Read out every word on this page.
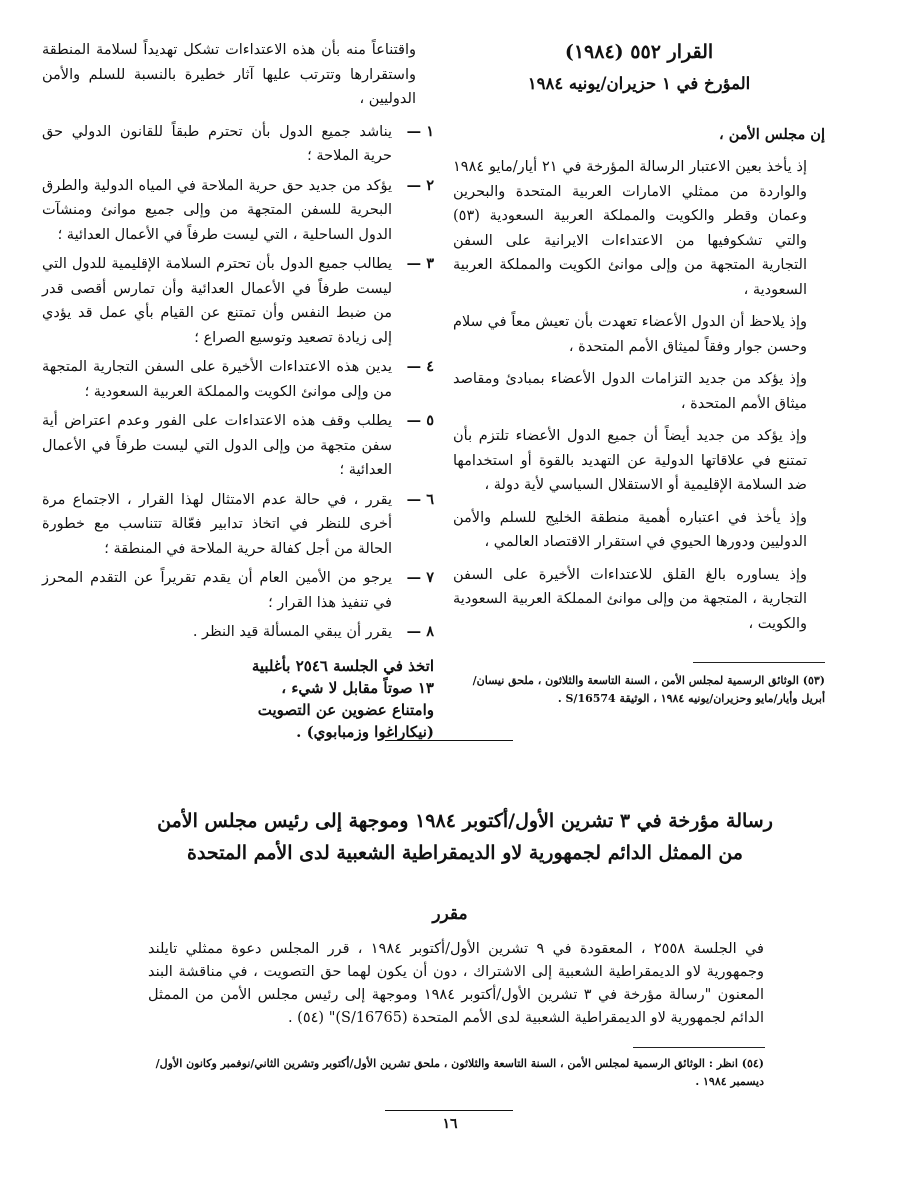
القرار ٥٥٢ (١٩٨٤)
المؤرخ في ١ حزيران/يونيه ١٩٨٤

إن مجلس الأمن ،

إذ يأخذ بعين الاعتبار الرسالة المؤرخة في ٢١ أيار/مايو ١٩٨٤ والواردة من ممثلي الامارات العربية المتحدة والبحرين وعمان وقطر والكويت والمملكة العربية السعودية (٥٣) والتي تشكوفيها من الاعتداءات الايرانية على السفن التجارية المتجهة من وإلى موانئ الكويت والمملكة العربية السعودية ،

وإذ يلاحظ أن الدول الأعضاء تعهدت بأن تعيش معاً في سلام وحسن جوار وفقاً لميثاق الأمم المتحدة ،

وإذ يؤكد من جديد التزامات الدول الأعضاء بمبادئ ومقاصد ميثاق الأمم المتحدة ،

وإذ يؤكد من جديد أيضاً أن جميع الدول الأعضاء تلتزم بأن تمتنع في علاقاتها الدولية عن التهديد بالقوة أو استخدامها ضد السلامة الإقليمية أو الاستقلال السياسي لأية دولة ،

وإذ يأخذ في اعتباره أهمية منطقة الخليج للسلم والأمن الدوليين ودورها الحيوي في استقرار الاقتصاد العالمي ،

وإذ يساوره بالغ القلق للاعتداءات الأخيرة على السفن التجارية ، المتجهة من وإلى موانئ المملكة العربية السعودية والكويت ،

(٥٣) الوثائق الرسمية لمجلس الأمن ، السنة التاسعة والثلاثون ، ملحق نيسان/أبريل وأيار/مايو وحزيران/يونيه ١٩٨٤ ، الوثيقة S/16574 .

واقتناعاً منه بأن هذه الاعتداءات تشكل تهديداً لسلامة المنطقة واستقرارها وتترتب عليها آثار خطيرة بالنسبة للسلم والأمن الدوليين ،

١ —
يناشد جميع الدول بأن تحترم طبقاً للقانون الدولي حق حرية الملاحة ؛
٢ —
يؤكد من جديد حق حرية الملاحة في المياه الدولية والطرق البحرية للسفن المتجهة من وإلى جميع موانئ ومنشآت الدول الساحلية ، التي ليست طرفاً في الأعمال العدائية ؛
٣ —
يطالب جميع الدول بأن تحترم السلامة الإقليمية للدول التي ليست طرفاً في الأعمال العدائية وأن تمارس أقصى قدر من ضبط النفس وأن تمتنع عن القيام بأي عمل قد يؤدي إلى زيادة تصعيد وتوسيع الصراع ؛
٤ —
يدين هذه الاعتداءات الأخيرة على السفن التجارية المتجهة من وإلى موانئ الكويت والمملكة العربية السعودية ؛
٥ —
يطلب وقف هذه الاعتداءات على الفور وعدم اعتراض أية سفن متجهة من وإلى الدول التي ليست طرفاً في الأعمال العدائية ؛
٦ —
يقرر ، في حالة عدم الامتثال لهذا القرار ، الاجتماع مرة أخرى للنظر في اتخاذ تدابير فعّالة تتناسب مع خطورة الحالة من أجل كفالة حرية الملاحة في المنطقة ؛
٧ —
يرجو من الأمين العام أن يقدم تقريراً عن التقدم المحرز في تنفيذ هذا القرار ؛
٨ —
يقرر أن يبقي المسألة قيد النظر .
اتخذ في الجلسة ٢٥٤٦ بأغلبية
١٣ صوتاً مقابل لا شيء ،
وامتناع عضوين عن التصويت
(نيكاراغوا وزمبابوي) .
رسالة مؤرخة في ٣ تشرين الأول/أكتوبر ١٩٨٤ وموجهة إلى رئيس مجلس الأمن
من الممثل الدائم لجمهورية لاو الديمقراطية الشعبية لدى الأمم المتحدة
مقرر
في الجلسة ٢٥٥٨ ، المعقودة في ٩ تشرين الأول/أكتوبر ١٩٨٤ ، قرر المجلس دعوة ممثلي تايلند وجمهورية لاو الديمقراطية الشعبية إلى الاشتراك ، دون أن يكون لهما حق التصويت ، في مناقشة البند المعنون "رسالة مؤرخة في ٣ تشرين الأول/أكتوبر ١٩٨٤ وموجهة إلى رئيس مجلس الأمن من الممثل الدائم لجمهورية لاو الديمقراطية الشعبية لدى الأمم المتحدة (S/16765)" (٥٤) .
(٥٤) انظر : الوثائق الرسمية لمجلس الأمن ، السنة التاسعة والثلاثون ، ملحق تشرين الأول/أكتوبر وتشرين الثاني/نوفمبر وكانون الأول/ديسمبر ١٩٨٤ .
١٦
